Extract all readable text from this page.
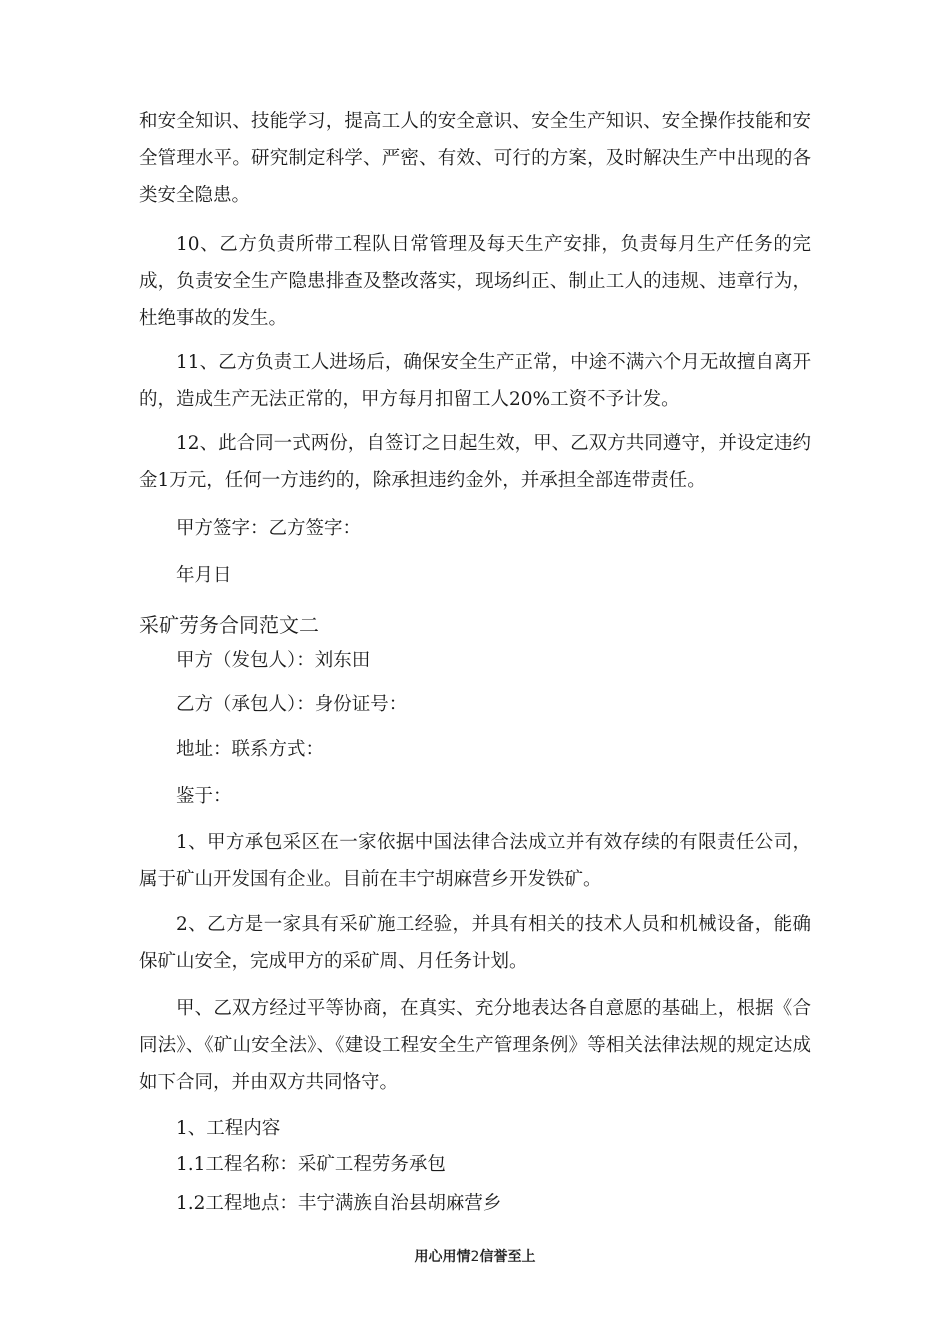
和安全知识、技能学习，提高工人的安全意识、安全生产知识、安全操作技能和安全管理水平。研究制定科学、严密、有效、可行的方案，及时解决生产中出现的各类安全隐患。

10、乙方负责所带工程队日常管理及每天生产安排，负责每月生产任务的完成，负责安全生产隐患排查及整改落实，现场纠正、制止工人的违规、违章行为，杜绝事故的发生。

11、乙方负责工人进场后，确保安全生产正常，中途不满六个月无故擅自离开的，造成生产无法正常的，甲方每月扣留工人20%工资不予计发。

12、此合同一式两份，自签订之日起生效，甲、乙双方共同遵守，并设定违约金1万元，任何一方违约的，除承担违约金外，并承担全部连带责任。

甲方签字：乙方签字：

年月日

采矿劳务合同范文二

甲方（发包人）：刘东田

乙方（承包人）：身份证号：

地址：联系方式：

鉴于：

1、甲方承包采区在一家依据中国法律合法成立并有效存续的有限责任公司，属于矿山开发国有企业。目前在丰宁胡麻营乡开发铁矿。

2、乙方是一家具有采矿施工经验，并具有相关的技术人员和机械设备，能确保矿山安全，完成甲方的采矿周、月任务计划。

甲、乙双方经过平等协商，在真实、充分地表达各自意愿的基础上，根据《合同法》、《矿山安全法》、《建设工程安全生产管理条例》等相关法律法规的规定达成如下合同，并由双方共同恪守。

1、工程内容

1.1工程名称：采矿工程劳务承包

1.2工程地点：丰宁满族自治县胡麻营乡

用心用情2信誉至上
